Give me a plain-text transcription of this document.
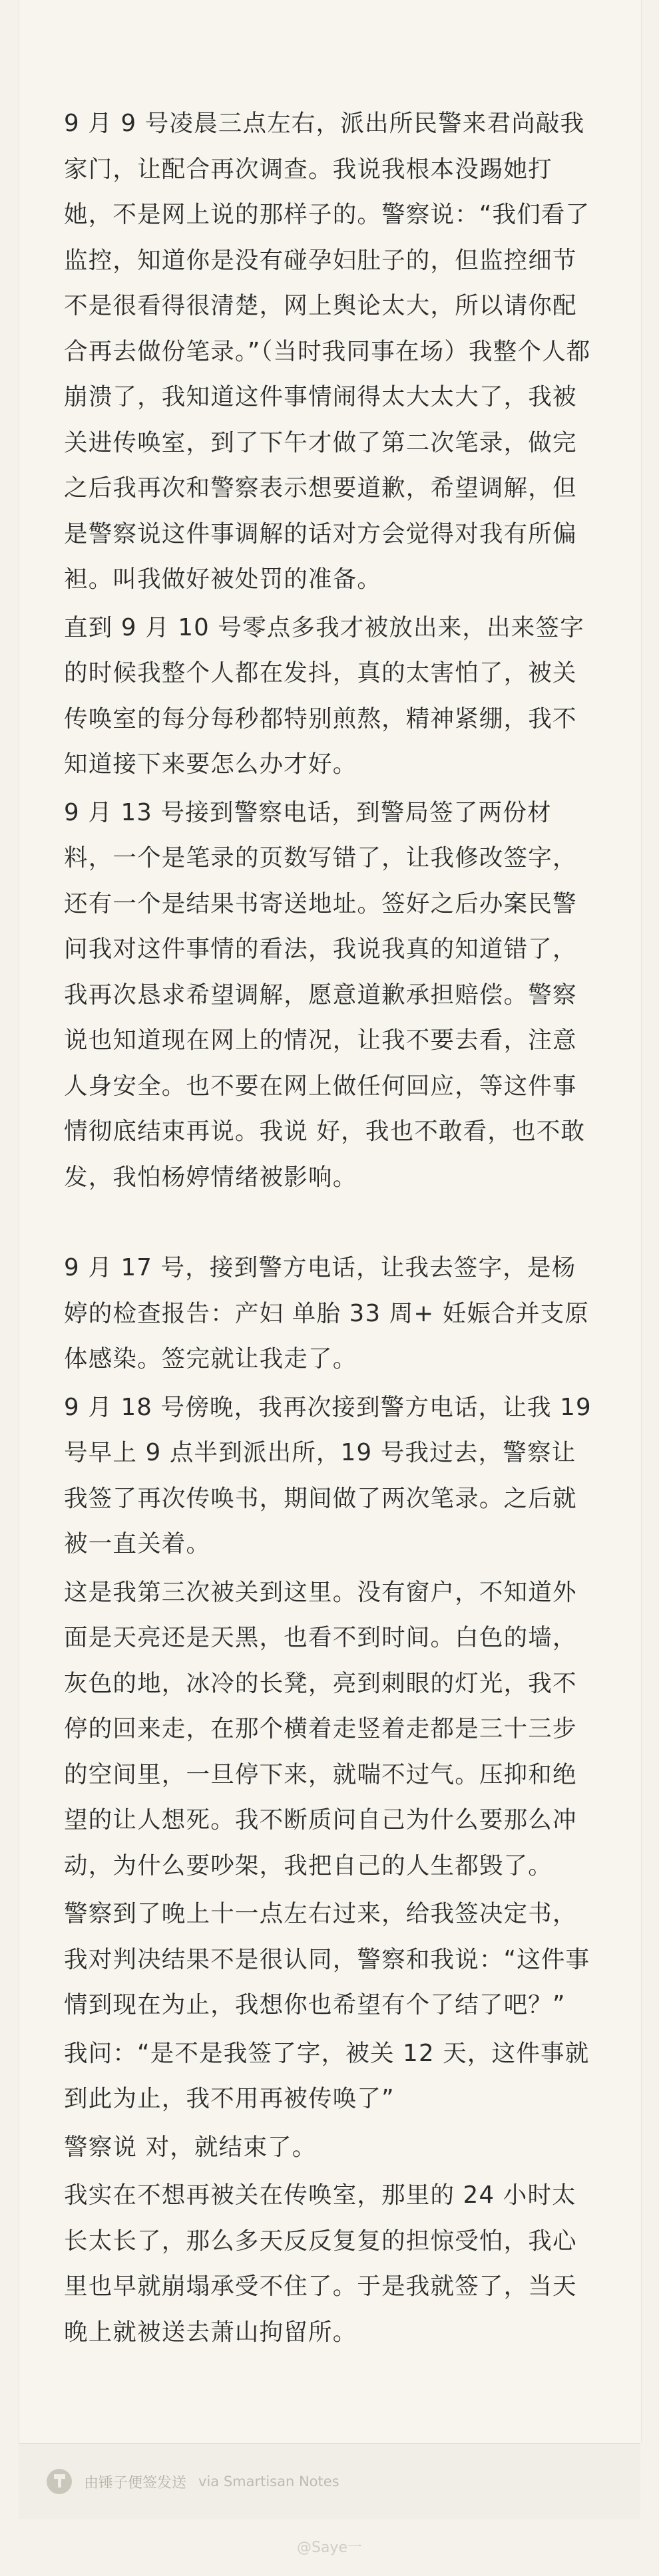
9 月 9 号凌晨三点左右，派出所民警来君尚敲我家门，让配合再次调查。我说我根本没踢她打她，不是网上说的那样子的。警察说：“我们看了监控，知道你是没有碰孕妇肚子的，但监控细节不是很看得很清楚，网上舆论太大，所以请你配合再去做份笔录。”（当时我同事在场）我整个人都崩溃了，我知道这件事情闹得太大太大了，我被关进传唤室，到了下午才做了第二次笔录，做完之后我再次和警察表示想要道歉，希望调解，但是警察说这件事调解的话对方会觉得对我有所偏袒。叫我做好被处罚的准备。

直到 9 月 10 号零点多我才被放出来，出来签字的时候我整个人都在发抖，真的太害怕了，被关传唤室的每分每秒都特别煎熬，精神紧绷，我不知道接下来要怎么办才好。

9 月 13 号接到警察电话，到警局签了两份材料，一个是笔录的页数写错了，让我修改签字，还有一个是结果书寄送地址。签好之后办案民警问我对这件事情的看法，我说我真的知道错了，我再次恳求希望调解，愿意道歉承担赔偿。警察说也知道现在网上的情况，让我不要去看，注意人身安全。也不要在网上做任何回应，等这件事情彻底结束再说。我说 好，我也不敢看，也不敢发，我怕杨婷情绪被影响。

9 月 17 号，接到警方电话，让我去签字，是杨婷的检查报告：产妇 单胎 33 周+ 妊娠合并支原体感染。签完就让我走了。

9 月 18 号傍晚，我再次接到警方电话，让我 19 号早上 9 点半到派出所，19 号我过去，警察让我签了再次传唤书，期间做了两次笔录。之后就被一直关着。

这是我第三次被关到这里。没有窗户，不知道外面是天亮还是天黑，也看不到时间。白色的墙，灰色的地，冰冷的长凳，亮到刺眼的灯光，我不停的回来走，在那个横着走竖着走都是三十三步的空间里，一旦停下来，就喘不过气。压抑和绝望的让人想死。我不断质问自己为什么要那么冲动，为什么要吵架，我把自己的人生都毁了。

警察到了晚上十一点左右过来，给我签决定书，我对判决结果不是很认同，警察和我说：“这件事情到现在为止，我想你也希望有个了结了吧？”

我问：“是不是我签了字，被关 12 天，这件事就到此为止，我不用再被传唤了”

警察说 对，就结束了。

我实在不想再被关在传唤室，那里的 24 小时太长太长了，那么多天反反复复的担惊受怕，我心里也早就崩塌承受不住了。于是我就签了，当天晚上就被送去萧山拘留所。

由锤子便签发送 via Smartisan Notes
@Saye一
